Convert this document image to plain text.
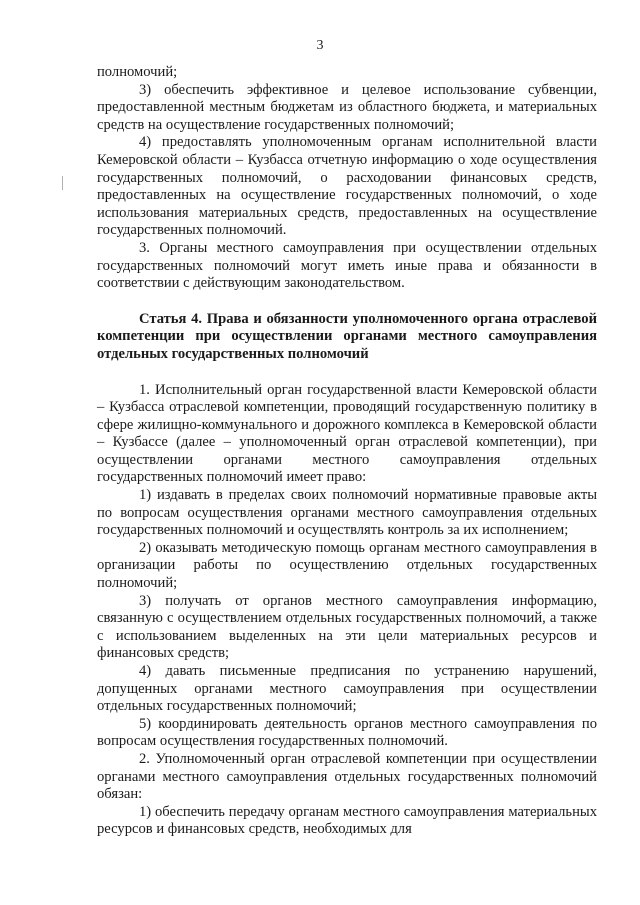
3

полномочий;

3) обеспечить эффективное и целевое использование субвенции, предоставленной местным бюджетам из областного бюджета, и материальных средств на осуществление государственных полномочий;

4) предоставлять уполномоченным органам исполнительной власти Кемеровской области – Кузбасса отчетную информацию о ходе осуществления государственных полномочий, о расходовании финансовых средств, предоставленных на осуществление государственных полномочий, о ходе использования материальных средств, предоставленных на осуществление государственных полномочий.

3. Органы местного самоуправления при осуществлении отдельных государственных полномочий могут иметь иные права и обязанности в соответствии с действующим законодательством.

Статья 4. Права и обязанности уполномоченного органа отраслевой компетенции при осуществлении органами местного самоуправления отдельных государственных полномочий

1. Исполнительный орган государственной власти Кемеровской области – Кузбасса отраслевой компетенции, проводящий государственную политику в сфере жилищно-коммунального и дорожного комплекса в Кемеровской области – Кузбассе (далее – уполномоченный орган отраслевой компетенции), при осуществлении органами местного самоуправления отдельных государственных полномочий имеет право:

1) издавать в пределах своих полномочий нормативные правовые акты по вопросам осуществления органами местного самоуправления отдельных государственных полномочий и осуществлять контроль за их исполнением;

2) оказывать методическую помощь органам местного самоуправления в организации работы по осуществлению отдельных государственных полномочий;

3) получать от органов местного самоуправления информацию, связанную с осуществлением отдельных государственных полномочий, а также с использованием выделенных на эти цели материальных ресурсов и финансовых средств;

4) давать письменные предписания по устранению нарушений, допущенных органами местного самоуправления при осуществлении отдельных государственных полномочий;

5) координировать деятельность органов местного самоуправления по вопросам осуществления государственных полномочий.

2. Уполномоченный орган отраслевой компетенции при осуществлении органами местного самоуправления отдельных государственных полномочий обязан:

1) обеспечить передачу органам местного самоуправления материальных ресурсов и финансовых средств, необходимых для
